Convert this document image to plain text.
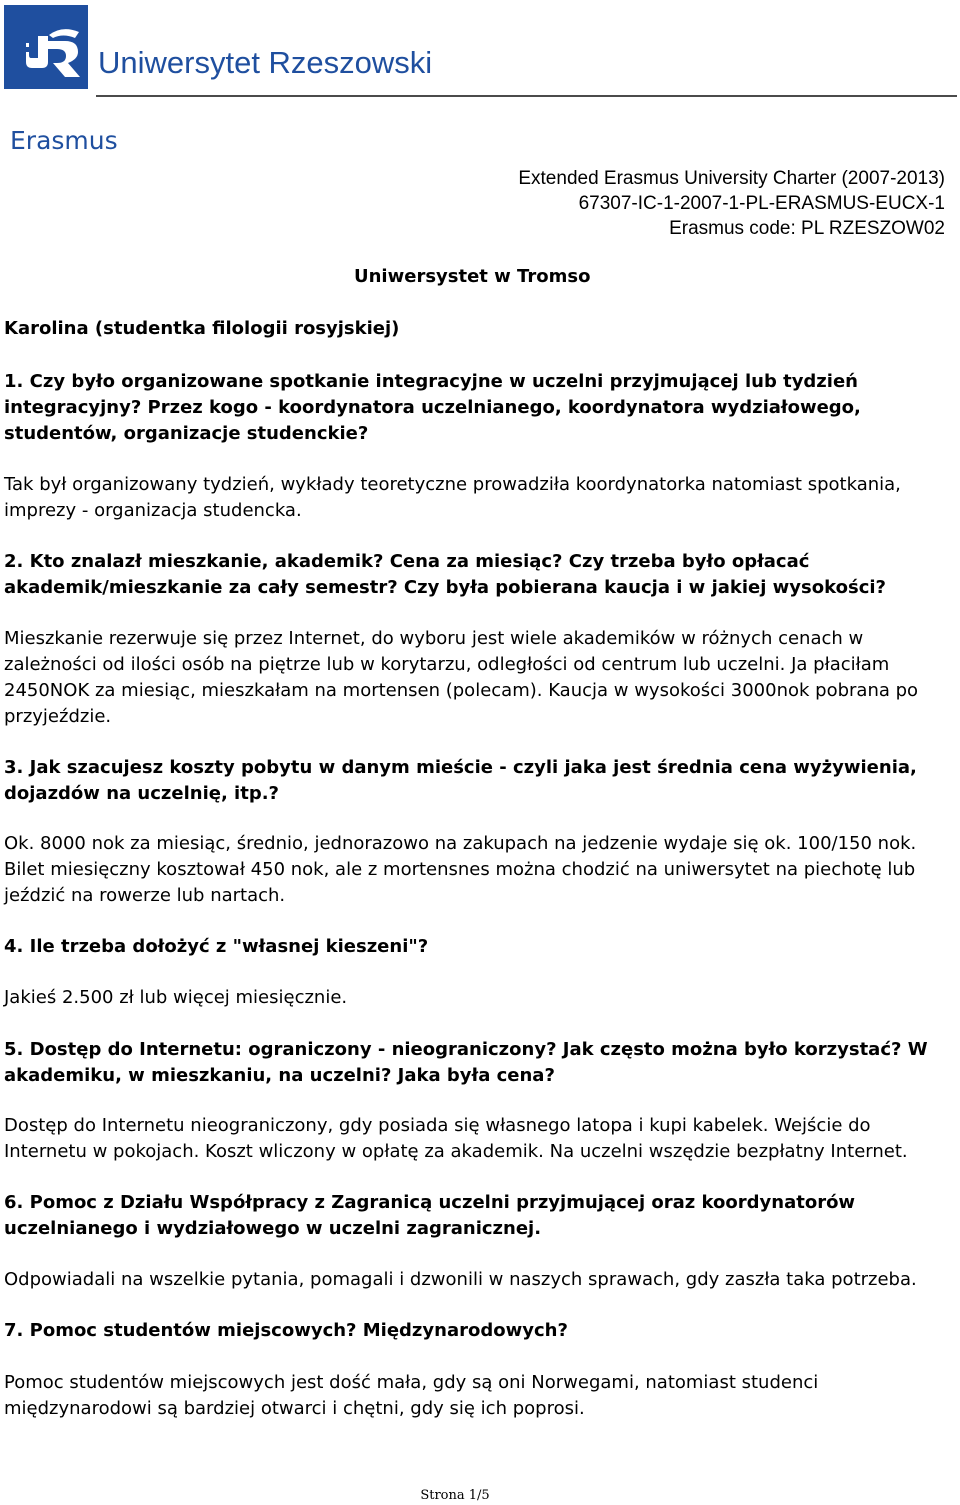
Uniwersytet Rzeszowski
Erasmus
Extended Erasmus University Charter (2007-2013)
67307-IC-1-2007-1-PL-ERASMUS-EUCX-1
Erasmus code: PL RZESZOW02
Uniwersystet w Tromso
Karolina (studentka filologii rosyjskiej)
1. Czy było organizowane spotkanie integracyjne w uczelni przyjmującej lub tydzień integracyjny? Przez kogo - koordynatora uczelnianego, koordynatora wydziałowego, studentów, organizacje studenckie?
Tak był organizowany tydzień, wykłady teoretyczne prowadziła koordynatorka natomiast spotkania, imprezy - organizacja studencka.
2. Kto znalazł mieszkanie, akademik? Cena za miesiąc? Czy trzeba było opłacać akademik/mieszkanie za cały semestr? Czy była pobierana kaucja i w jakiej wysokości?
Mieszkanie rezerwuje się przez Internet, do wyboru jest wiele akademików w różnych cenach w zależności od ilości osób na piętrze lub w korytarzu, odległości od centrum lub uczelni. Ja płaciłam 2450NOK za miesiąc, mieszkałam na mortensen (polecam). Kaucja w wysokości 3000nok pobrana po przyjeździe.
3. Jak szacujesz koszty pobytu w danym mieście - czyli jaka jest średnia cena wyżywienia, dojazdów na uczelnię, itp.?
Ok. 8000 nok za miesiąc, średnio, jednorazowo na zakupach na jedzenie wydaje się ok. 100/150 nok. Bilet miesięczny kosztował 450 nok, ale z mortensnes można chodzić na uniwersytet na piechotę lub jeździć na rowerze lub nartach.
4. Ile trzeba dołożyć z "własnej kieszeni"?
Jakieś 2.500 zł lub więcej miesięcznie.
5. Dostęp do Internetu: ograniczony - nieograniczony? Jak często można było korzystać? W akademiku, w mieszkaniu, na uczelni? Jaka była cena?
Dostęp do Internetu nieograniczony, gdy posiada się własnego latopa i kupi kabelek. Wejście do Internetu w pokojach. Koszt wliczony w opłatę za akademik. Na uczelni wszędzie bezpłatny Internet.
6. Pomoc z Działu Współpracy z Zagranicą uczelni przyjmującej oraz koordynatorów uczelnianego i wydziałowego w uczelni zagranicznej.
Odpowiadali na wszelkie pytania, pomagali i dzwonili w naszych sprawach, gdy zaszła taka potrzeba.
7. Pomoc studentów miejscowych? Międzynarodowych?
Pomoc studentów miejscowych jest dość mała, gdy są oni Norwegami, natomiast studenci międzynarodowi są bardziej otwarci i chętni, gdy się ich poprosi.
Strona 1/5
